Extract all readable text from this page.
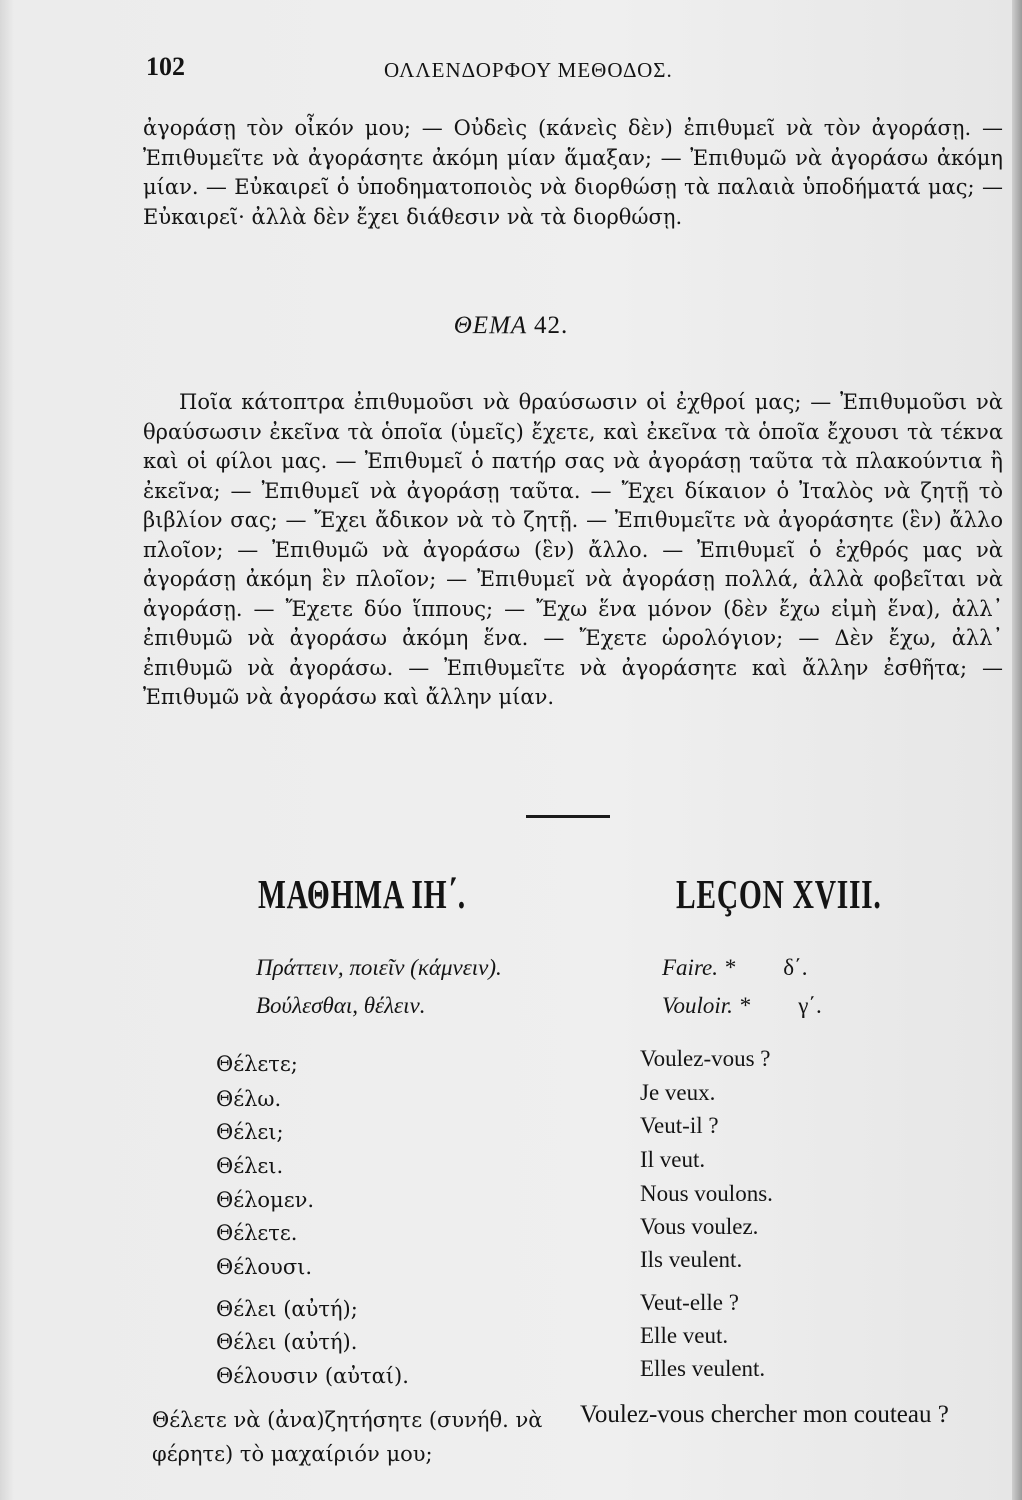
102	ΟΛΛΕΝΔΟΡΦΟΥ ΜΕΘΟΔΟΣ.

ἀγοράσῃ τὸν οἶκόν μου; — Οὐδεὶς (κάνεὶς δὲν) ἐπιθυμεῖ νὰ τὸν ἀγοράσῃ. — Ἐπιθυμεῖτε νὰ ἀγοράσητε ἀκόμη μίαν ἅμαξαν; — Ἐπιθυμῶ νὰ ἀγοράσω ἀκόμη μίαν. — Εὐκαιρεῖ ὁ ὑποδηματοποιὸς νὰ διορθώσῃ τὰ παλαιὰ ὑποδήματά μας; — Εὐκαιρεῖ· ἀλλὰ δὲν ἔχει διάθεσιν νὰ τὰ διορθώσῃ.

ΘΕΜΑ 42.

Ποῖα κάτοπτρα ἐπιθυμοῦσι νὰ θραύσωσιν οἱ ἐχθροί μας; — Ἐπιθυμοῦσι νὰ θραύσωσιν ἐκεῖνα τὰ ὁποῖα (ὑμεῖς) ἔχετε, καὶ ἐκεῖνα τὰ ὁποῖα ἔχουσι τὰ τέκνα καὶ οἱ φίλοι μας. — Ἐπιθυμεῖ ὁ πατήρ σας νὰ ἀγοράσῃ ταῦτα τὰ πλακούντια ἢ ἐκεῖνα; — Ἐπιθυμεῖ νὰ ἀγοράσῃ ταῦτα. — Ἔχει δίκαιον ὁ Ἰταλὸς νὰ ζητῇ τὸ βιβλίον σας; — Ἔχει ἄδικον νὰ τὸ ζητῇ. — Ἐπιθυμεῖτε νὰ ἀγοράσητε (ἓν) ἄλλο πλοῖον; — Ἐπιθυμῶ νὰ ἀγοράσω (ἓν) ἄλλο. — Ἐπιθυμεῖ ὁ ἐχθρός μας νὰ ἀγοράσῃ ἀκόμη ἓν πλοῖον; — Ἐπιθυμεῖ νὰ ἀγοράσῃ πολλά, ἀλλὰ φοβεῖται νὰ ἀγοράσῃ. — Ἔχετε δύο ἵππους; — Ἔχω ἕνα μόνον (δὲν ἔχω εἰμὴ ἕνα), ἀλλ᾽ ἐπιθυμῶ νὰ ἀγοράσω ἀκόμη ἕνα. — Ἔχετε ὡρολόγιον; — Δὲν ἔχω, ἀλλ᾽ ἐπιθυμῶ νὰ ἀγοράσω. — Ἐπιθυμεῖτε νὰ ἀγοράσητε καὶ ἄλλην ἐσθῆτα; — Ἐπιθυμῶ νὰ ἀγοράσω καὶ ἄλλην μίαν.

ΜΑΘΗΜΑ ΙΗ΄.	LEÇON XVIII.
Πράττειν, ποιεῖν (κάμνειν).	Faire. * δ΄.
Βούλεσθαι, θέλειν.	Vouloir. * γ΄.
Θέλετε;	Voulez-vous ?
Θέλω.	Je veux.
Θέλει;	Veut-il ?
Θέλει.	Il veut.
Θέλομεν.	Nous voulons.
Θέλετε.	Vous voulez.
Θέλουσι.	Ils veulent.
Θέλει (αὐτή);	Veut-elle ?
Θέλει (αὐτή).	Elle veut.
Θέλουσιν (αὐταί).	Elles veulent.
Θέλετε νὰ (ἀνα)ζητήσητε (συνήθ. νὰ φέρητε) τὸ μαχαίριόν μου;
Voulez-vous chercher mon couteau ?
